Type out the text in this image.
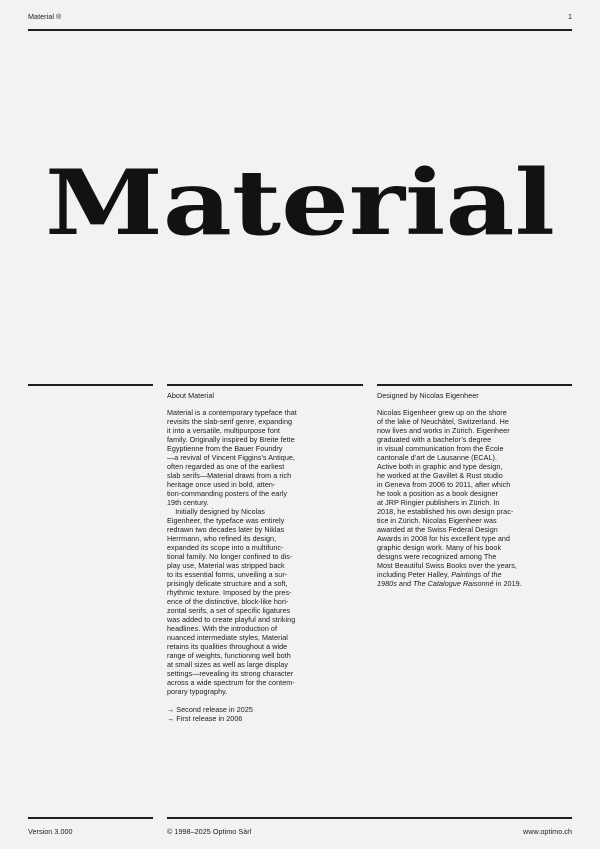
Material ®	1
Material
About Material
Material is a contemporary typeface that
revisits the slab-serif genre, expanding
it into a versatile, multipurpose font
family. Originally inspired by Breite fette
Egyptienne from the Bauer Foundry
—a revival of Vincent Figgins’s Antique,
often regarded as one of the earliest
slab serifs—Material draws from a rich
heritage once used in bold, atten-
tion-commanding posters of the early
19th century.
Initially designed by Nicolas
Eigenheer, the typeface was entirely
redrawn two decades later by Niklas
Herrmann, who refined its design,
expanded its scope into a multifunc-
tional family. No longer confined to dis-
play use, Material was stripped back
to its essential forms, unveiling a sur-
prisingly delicate structure and a soft,
rhythmic texture. Imposed by the pres-
ence of the distinctive, block-like hori-
zontal serifs, a set of specific ligatures
was added to create playful and striking
headlines. With the introduction of
nuanced intermediate styles, Material
retains its qualities throughout a wide
range of weights, functioning well both
at small sizes as well as large display
settings—revealing its strong character
across a wide spectrum for the contem-
porary typography.
→ Second release in 2025
→ First release in 2006
Designed by Nicolas Eigenheer
Nicolas Eigenheer grew up on the shore
of the lake of Neuchâtel, Switzerland. He
now lives and works in Zürich. Eigenheer
graduated with a bachelor’s degree
in visual communication from the École
cantonale d’art de Lausanne (ECAL).
Active both in graphic and type design,
he worked at the Gavillet & Rust studio
in Geneva from 2006 to 2011, after which
he took a position as a book designer
at JRP Ringier publishers in Zürich. In
2018, he established his own design prac-
tice in Zürich. Nicolas Eigenheer was
awarded at the Swiss Federal Design
Awards in 2008 for his excellent type and
graphic design work. Many of his book
designs were recognized among The
Most Beautiful Swiss Books over the years,
including Peter Halley, Paintings of the
1980s and The Catalogue Raisonné in 2019.
Version 3.000	© 1998–2025 Optimo Sàrl	www.optimo.ch
